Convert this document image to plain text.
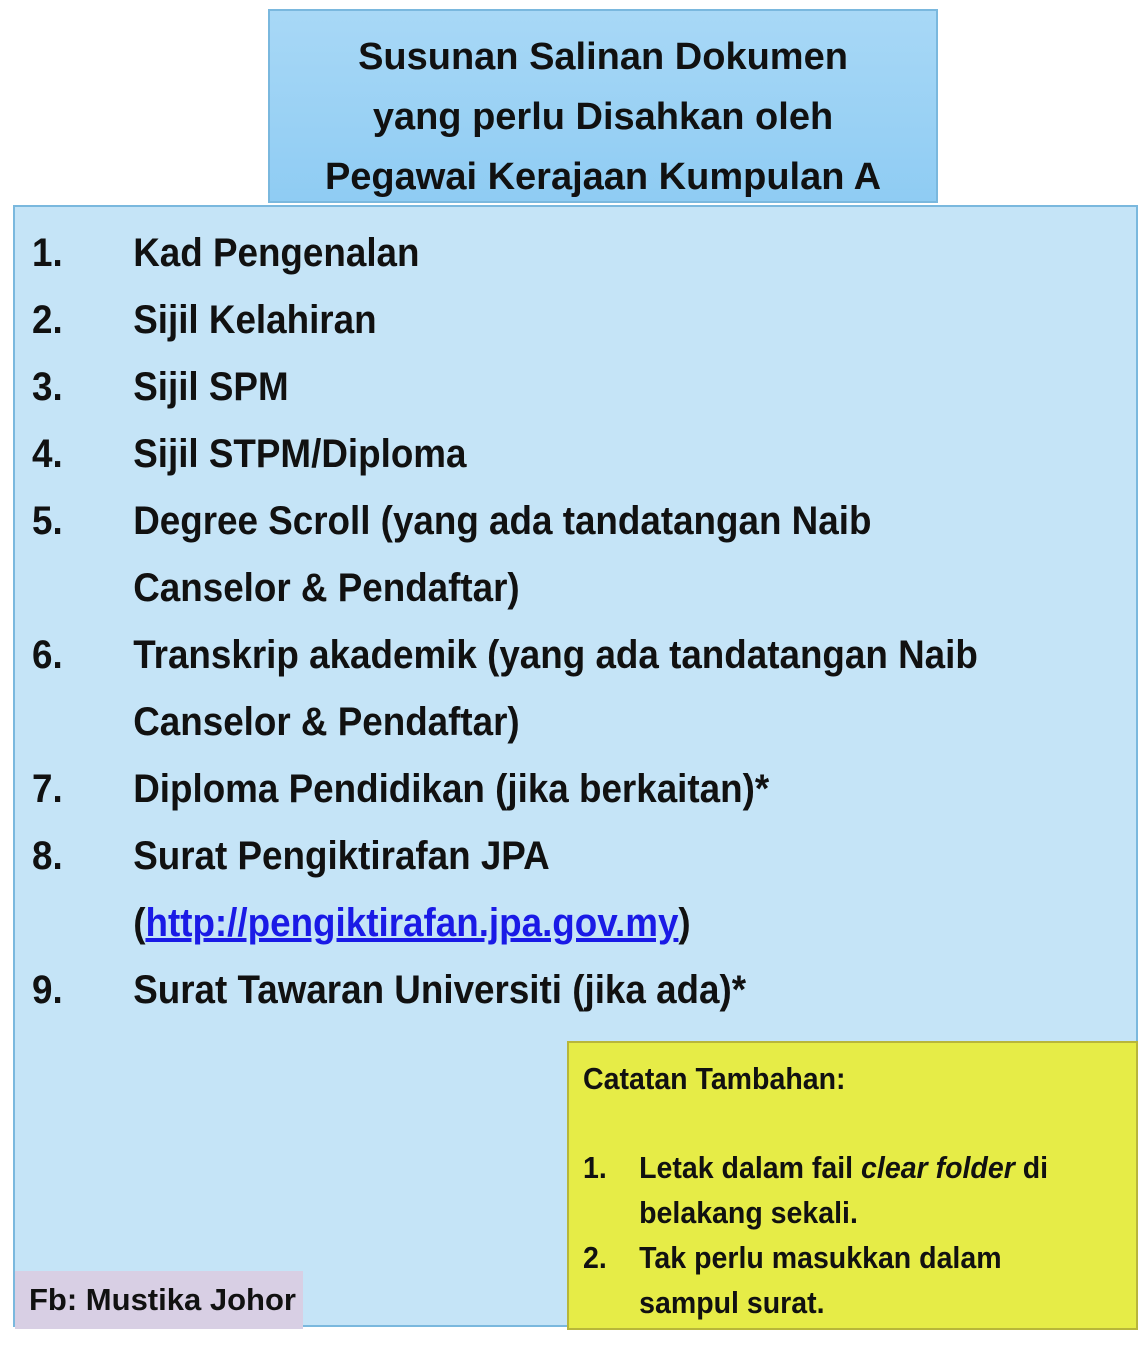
Susunan Salinan Dokumen
yang perlu Disahkan oleh
Pegawai Kerajaan Kumpulan A
1. Kad Pengenalan
2. Sijil Kelahiran
3. Sijil SPM
4. Sijil STPM/Diploma
5. Degree Scroll (yang ada tandatangan Naib
Canselor & Pendaftar)
6. Transkrip akademik (yang ada tandatangan Naib
Canselor & Pendaftar)
7. Diploma Pendidikan (jika berkaitan)*
8. Surat Pengiktirafan JPA
(http://pengiktirafan.jpa.gov.my)
9. Surat Tawaran Universiti (jika ada)*
Catatan Tambahan:
1. Letak dalam fail clear folder di
belakang sekali.
2. Tak perlu masukkan dalam
sampul surat.
Fb: Mustika Johor
